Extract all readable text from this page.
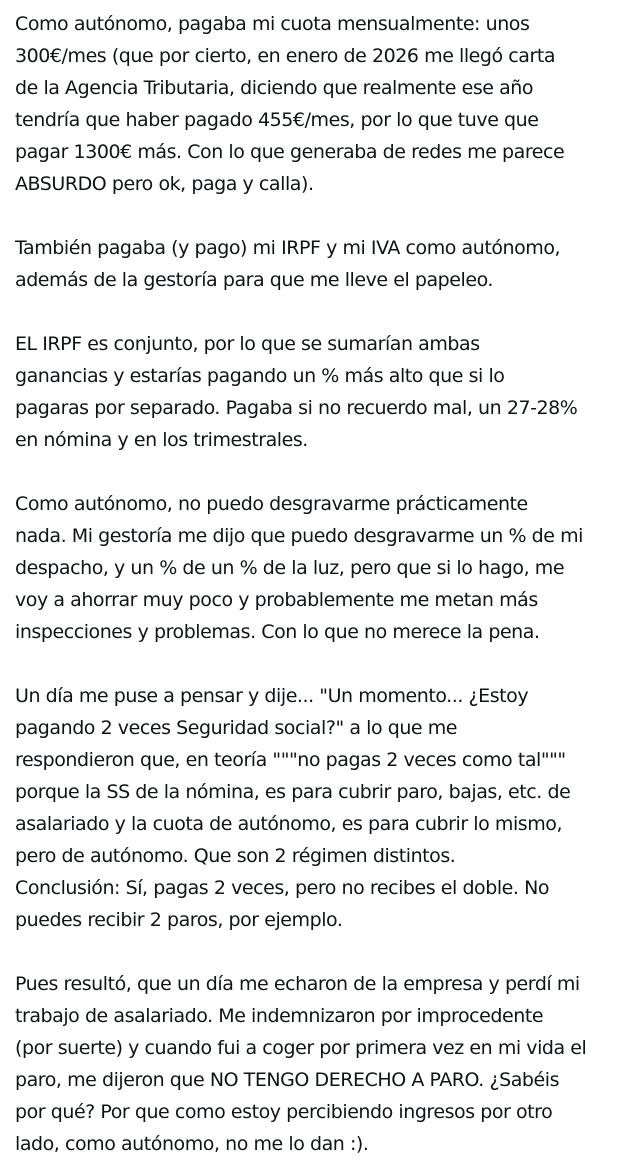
Como autónomo, pagaba mi cuota mensualmente: unos
300€/mes (que por cierto, en enero de 2026 me llegó carta
de la Agencia Tributaria, diciendo que realmente ese año
tendría que haber pagado 455€/mes, por lo que tuve que
pagar 1300€ más. Con lo que generaba de redes me parece
ABSURDO pero ok, paga y calla).

También pagaba (y pago) mi IRPF y mi IVA como autónomo,
además de la gestoría para que me lleve el papeleo.

EL IRPF es conjunto, por lo que se sumarían ambas
ganancias y estarías pagando un % más alto que si lo
pagaras por separado. Pagaba si no recuerdo mal, un 27-28%
en nómina y en los trimestrales.

Como autónomo, no puedo desgravarme prácticamente
nada. Mi gestoría me dijo que puedo desgravarme un % de mi
despacho, y un % de un % de la luz, pero que si lo hago, me
voy a ahorrar muy poco y probablemente me metan más
inspecciones y problemas. Con lo que no merece la pena.

Un día me puse a pensar y dije... "Un momento... ¿Estoy
pagando 2 veces Seguridad social?" a lo que me
respondieron que, en teoría """no pagas 2 veces como tal"""
porque la SS de la nómina, es para cubrir paro, bajas, etc. de
asalariado y la cuota de autónomo, es para cubrir lo mismo,
pero de autónomo. Que son 2 régimen distintos.
Conclusión: Sí, pagas 2 veces, pero no recibes el doble. No
puedes recibir 2 paros, por ejemplo.

Pues resultó, que un día me echaron de la empresa y perdí mi
trabajo de asalariado. Me indemnizaron por improcedente
(por suerte) y cuando fui a coger por primera vez en mi vida el
paro, me dijeron que NO TENGO DERECHO A PARO. ¿Sabéis
por qué? Por que como estoy percibiendo ingresos por otro
lado, como autónomo, no me lo dan :).
